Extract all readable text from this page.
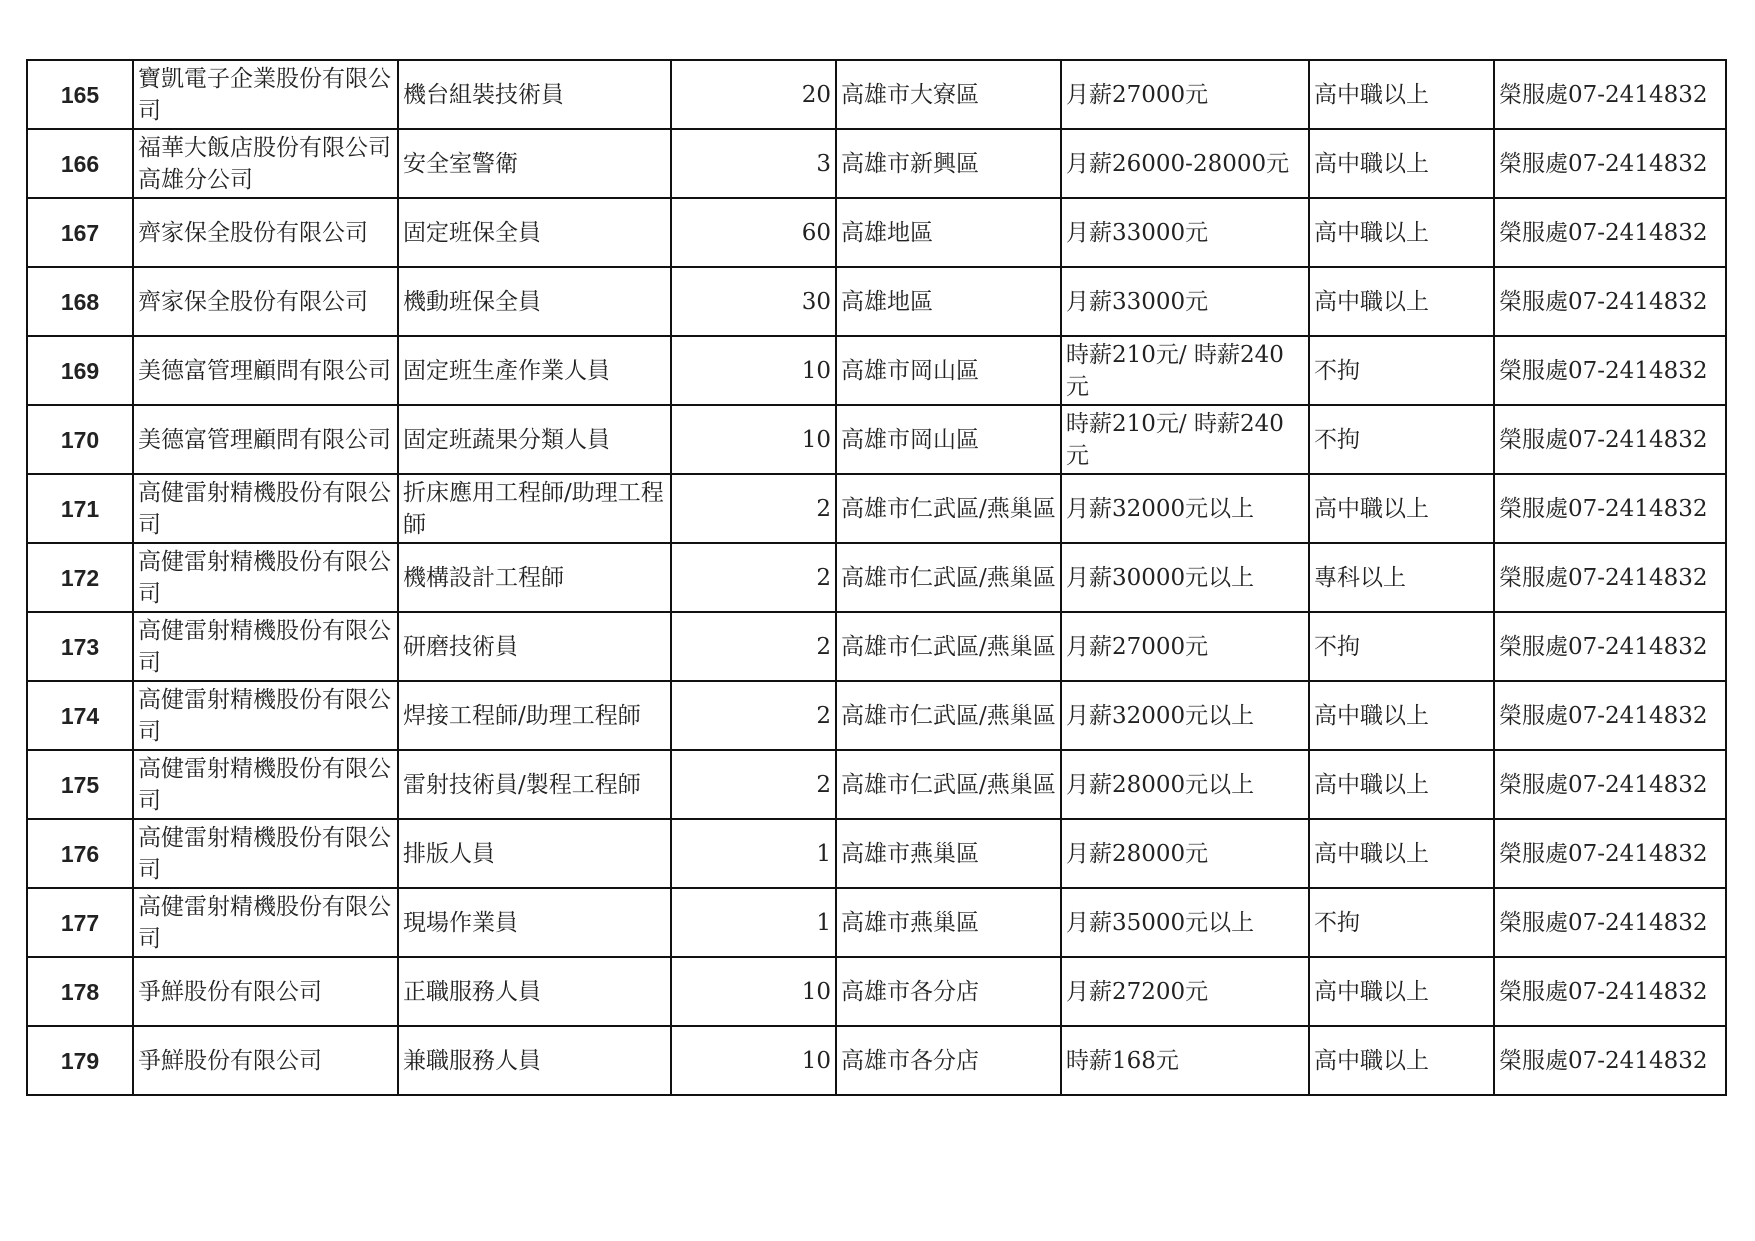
165	寶凱電子企業股份有限公司	機台組裝技術員	20	高雄市大寮區	月薪27000元	高中職以上	榮服處07-2414832
166	福華大飯店股份有限公司高雄分公司	安全室警衛	3	高雄市新興區	月薪26000-28000元	高中職以上	榮服處07-2414832
167	齊家保全股份有限公司	固定班保全員	60	高雄地區	月薪33000元	高中職以上	榮服處07-2414832
168	齊家保全股份有限公司	機動班保全員	30	高雄地區	月薪33000元	高中職以上	榮服處07-2414832
169	美德富管理顧問有限公司	固定班生產作業人員	10	高雄市岡山區	時薪210元/ 時薪240元	不拘	榮服處07-2414832
170	美德富管理顧問有限公司	固定班蔬果分類人員	10	高雄市岡山區	時薪210元/ 時薪240元	不拘	榮服處07-2414832
171	高健雷射精機股份有限公司	折床應用工程師/助理工程師	2	高雄市仁武區/燕巢區	月薪32000元以上	高中職以上	榮服處07-2414832
172	高健雷射精機股份有限公司	機構設計工程師	2	高雄市仁武區/燕巢區	月薪30000元以上	專科以上	榮服處07-2414832
173	高健雷射精機股份有限公司	研磨技術員	2	高雄市仁武區/燕巢區	月薪27000元	不拘	榮服處07-2414832
174	高健雷射精機股份有限公司	焊接工程師/助理工程師	2	高雄市仁武區/燕巢區	月薪32000元以上	高中職以上	榮服處07-2414832
175	高健雷射精機股份有限公司	雷射技術員/製程工程師	2	高雄市仁武區/燕巢區	月薪28000元以上	高中職以上	榮服處07-2414832
176	高健雷射精機股份有限公司	排版人員	1	高雄市燕巢區	月薪28000元	高中職以上	榮服處07-2414832
177	高健雷射精機股份有限公司	現場作業員	1	高雄市燕巢區	月薪35000元以上	不拘	榮服處07-2414832
178	爭鮮股份有限公司	正職服務人員	10	高雄市各分店	月薪27200元	高中職以上	榮服處07-2414832
179	爭鮮股份有限公司	兼職服務人員	10	高雄市各分店	時薪168元	高中職以上	榮服處07-2414832
